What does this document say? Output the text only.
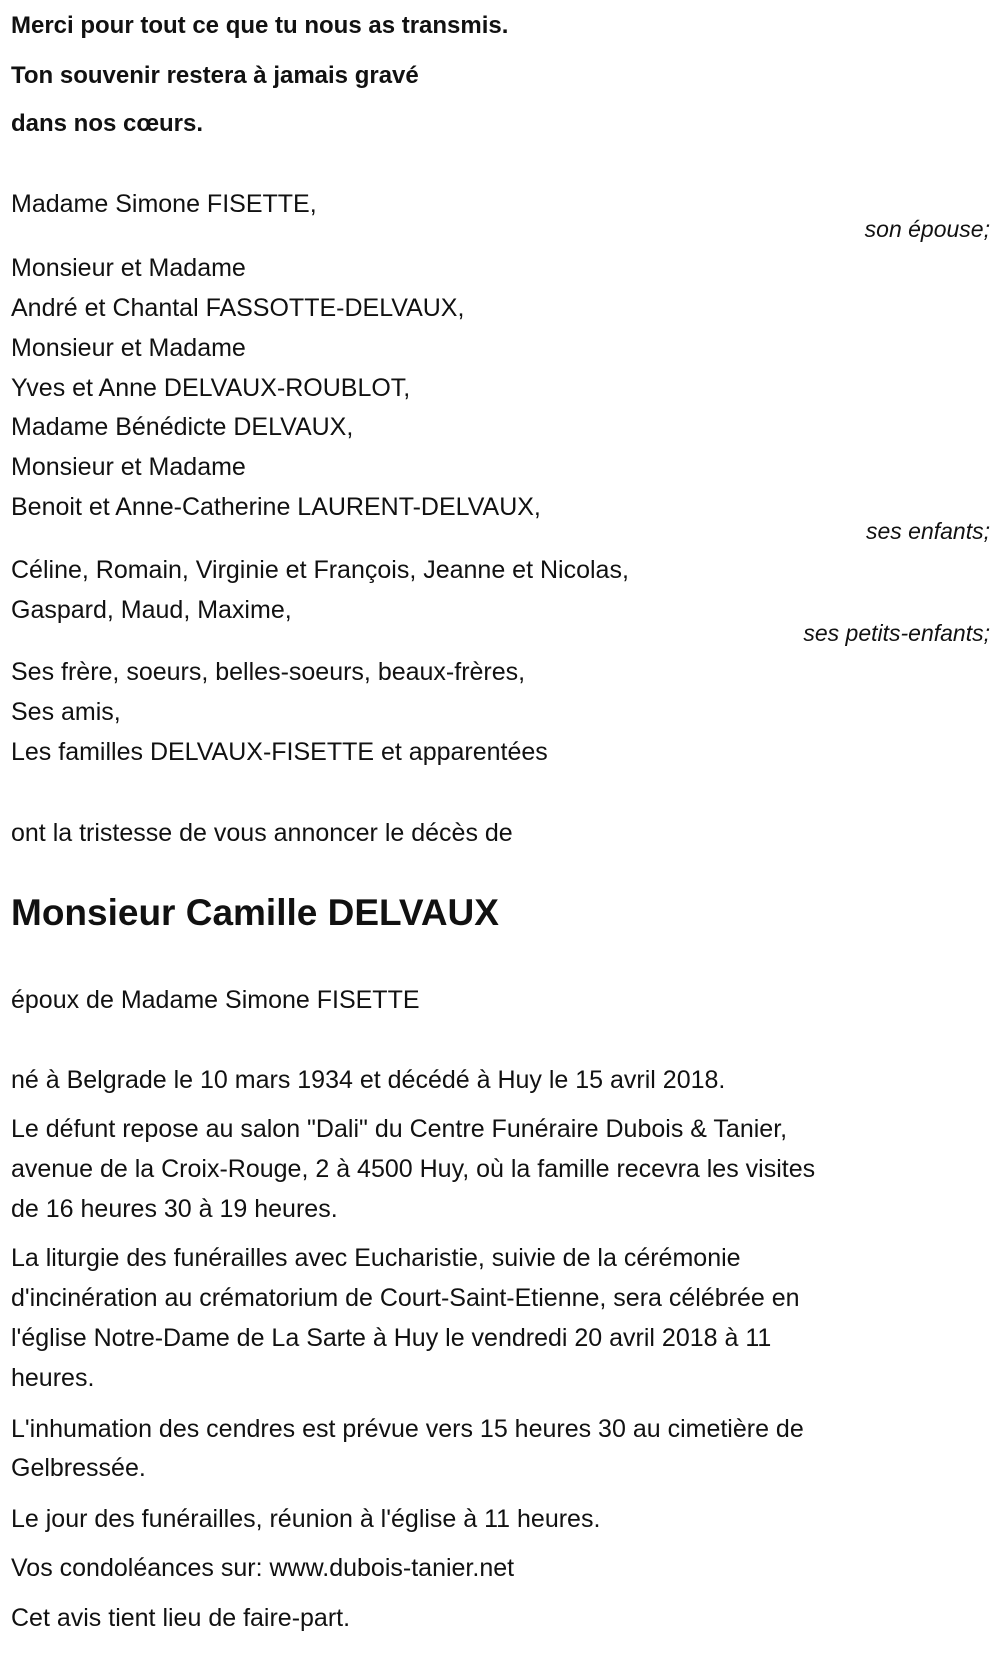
Merci pour tout ce que tu nous as transmis.
Ton souvenir restera à jamais gravé
dans nos cœurs.
Madame Simone FISETTE,
son épouse;
Monsieur et Madame
André et Chantal FASSOTTE-DELVAUX,
Monsieur et Madame
Yves et Anne DELVAUX-ROUBLOT,
Madame Bénédicte DELVAUX,
Monsieur et Madame
Benoit et Anne-Catherine LAURENT-DELVAUX,
ses enfants;
Céline, Romain, Virginie et François, Jeanne et Nicolas,
Gaspard, Maud, Maxime,
ses petits-enfants;
Ses frère, soeurs, belles-soeurs, beaux-frères,
Ses amis,
Les familles DELVAUX-FISETTE et apparentées
ont la tristesse de vous annoncer le décès de
Monsieur Camille DELVAUX
époux de Madame Simone FISETTE
né à Belgrade le 10 mars 1934 et décédé à Huy le 15 avril 2018.
Le défunt repose au salon "Dali" du Centre Funéraire Dubois & Tanier,
avenue de la Croix-Rouge, 2 à 4500 Huy, où la famille recevra les visites
de 16 heures 30 à 19 heures.
La liturgie des funérailles avec Eucharistie, suivie de la cérémonie
d'incinération au crématorium de Court-Saint-Etienne, sera célébrée en
l'église Notre-Dame de La Sarte à Huy le vendredi 20 avril 2018 à 11
heures.
L'inhumation des cendres est prévue vers 15 heures 30 au cimetière de
Gelbressée.
Le jour des funérailles, réunion à l'église à 11 heures.
Vos condoléances sur: www.dubois-tanier.net
Cet avis tient lieu de faire-part.
